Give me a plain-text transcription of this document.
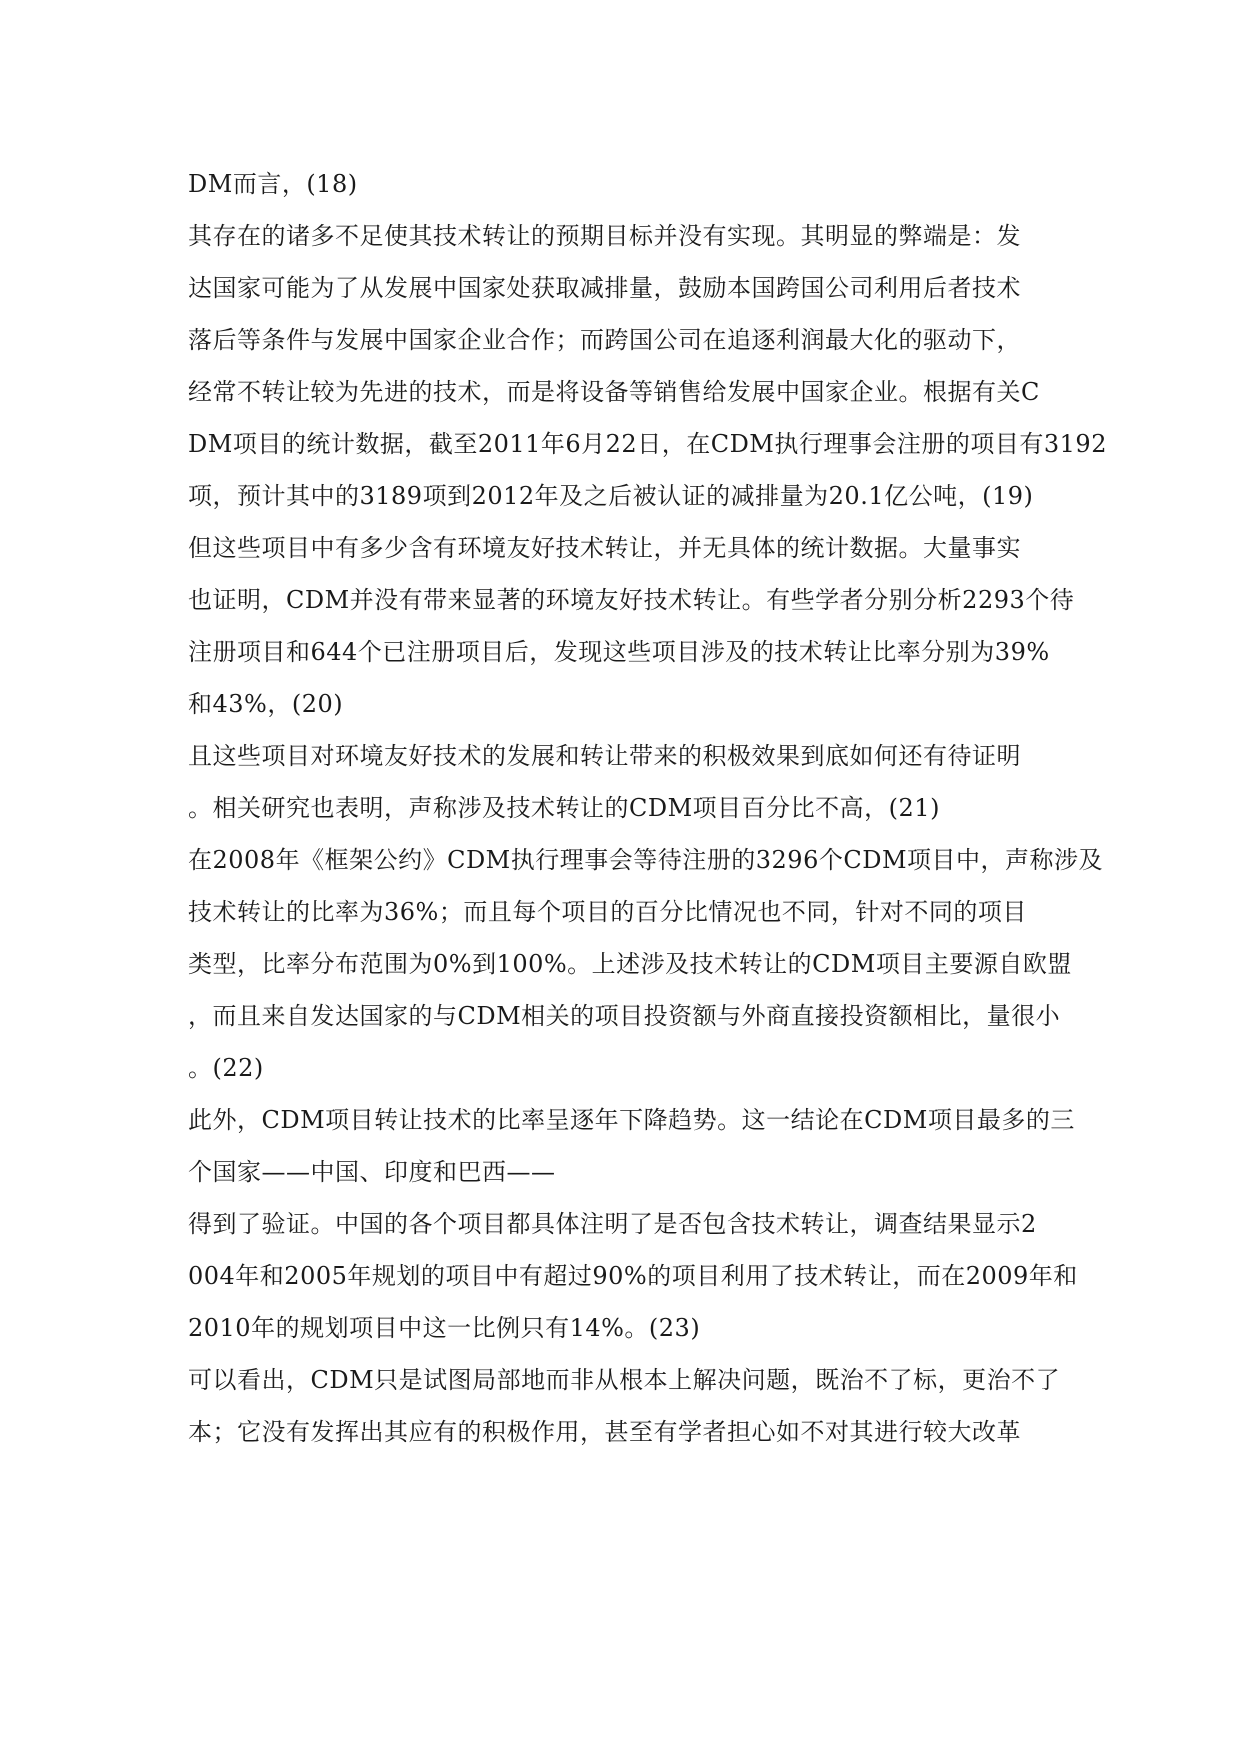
DM而言，(18)
其存在的诸多不足使其技术转让的预期目标并没有实现。其明显的弊端是：发
达国家可能为了从发展中国家处获取减排量，鼓励本国跨国公司利用后者技术
落后等条件与发展中国家企业合作；而跨国公司在追逐利润最大化的驱动下，
经常不转让较为先进的技术，而是将设备等销售给发展中国家企业。根据有关C
DM项目的统计数据，截至2011年6月22日，在CDM执行理事会注册的项目有3192
项，预计其中的3189项到2012年及之后被认证的减排量为20.1亿公吨，(19)
但这些项目中有多少含有环境友好技术转让，并无具体的统计数据。大量事实
也证明，CDM并没有带来显著的环境友好技术转让。有些学者分别分析2293个待
注册项目和644个已注册项目后，发现这些项目涉及的技术转让比率分别为39%
和43%，(20)
且这些项目对环境友好技术的发展和转让带来的积极效果到底如何还有待证明
。相关研究也表明，声称涉及技术转让的CDM项目百分比不高，(21)
在2008年《框架公约》CDM执行理事会等待注册的3296个CDM项目中，声称涉及
技术转让的比率为36%；而且每个项目的百分比情况也不同，针对不同的项目
类型，比率分布范围为0%到100%。上述涉及技术转让的CDM项目主要源自欧盟
，而且来自发达国家的与CDM相关的项目投资额与外商直接投资额相比，量很小
。(22)
此外，CDM项目转让技术的比率呈逐年下降趋势。这一结论在CDM项目最多的三
个国家——中国、印度和巴西——
得到了验证。中国的各个项目都具体注明了是否包含技术转让，调查结果显示2
004年和2005年规划的项目中有超过90%的项目利用了技术转让，而在2009年和
2010年的规划项目中这一比例只有14%。(23)
可以看出，CDM只是试图局部地而非从根本上解决问题，既治不了标，更治不了
本；它没有发挥出其应有的积极作用，甚至有学者担心如不对其进行较大改革
